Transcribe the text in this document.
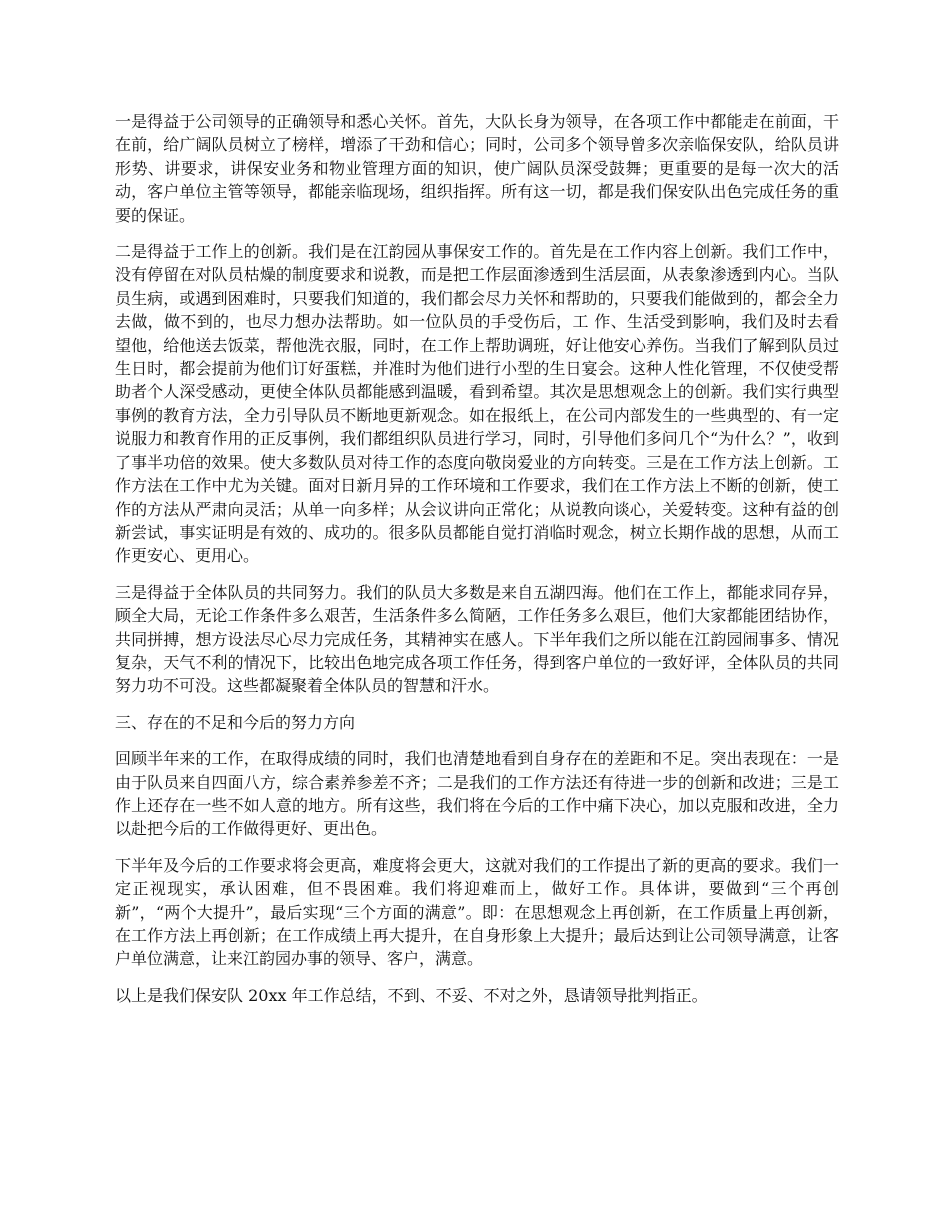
一是得益于公司领导的正确领导和悉心关怀。首先，大队长身为领导，在各项工作中都能走在前面，干在前，给广阔队员树立了榜样，增添了干劲和信心；同时，公司多个领导曾多次亲临保安队，给队员讲形势、讲要求，讲保安业务和物业管理方面的知识，使广阔队员深受鼓舞；更重要的是每一次大的活动，客户单位主管等领导，都能亲临现场，组织指挥。所有这一切，都是我们保安队出色完成任务的重要的保证。

二是得益于工作上的创新。我们是在江韵园从事保安工作的。首先是在工作内容上创新。我们工作中，没有停留在对队员枯燥的制度要求和说教，而是把工作层面渗透到生活层面，从表象渗透到内心。当队员生病，或遇到困难时，只要我们知道的，我们都会尽力关怀和帮助的，只要我们能做到的，都会全力去做，做不到的，也尽力想办法帮助。如一位队员的手受伤后，工 作、生活受到影响，我们及时去看望他，给他送去饭菜，帮他洗衣服，同时，在工作上帮助调班，好让他安心养伤。当我们了解到队员过生日时，都会提前为他们订好蛋糕，并准时为他们进行小型的生日宴会。这种人性化管理，不仅使受帮助者个人深受感动，更使全体队员都能感到温暖，看到希望。其次是思想观念上的创新。我们实行典型事例的教育方法，全力引导队员不断地更新观念。如在报纸上，在公司内部发生的一些典型的、有一定说服力和教育作用的正反事例，我们都组织队员进行学习，同时，引导他们多问几个“为什么？”，收到了事半功倍的效果。使大多数队员对待工作的态度向敬岗爱业的方向转变。三是在工作方法上创新。工作方法在工作中尤为关键。面对日新月异的工作环境和工作要求，我们在工作方法上不断的创新，使工作的方法从严肃向灵活；从单一向多样；从会议讲向正常化；从说教向谈心，关爱转变。这种有益的创新尝试，事实证明是有效的、成功的。很多队员都能自觉打消临时观念，树立长期作战的思想，从而工作更安心、更用心。

三是得益于全体队员的共同努力。我们的队员大多数是来自五湖四海。他们在工作上，都能求同存异，顾全大局，无论工作条件多么艰苦，生活条件多么简陋，工作任务多么艰巨，他们大家都能团结协作，共同拼搏，想方设法尽心尽力完成任务，其精神实在感人。下半年我们之所以能在江韵园闹事多、情况复杂，天气不利的情况下，比较出色地完成各项工作任务，得到客户单位的一致好评，全体队员的共同努力功不可没。这些都凝聚着全体队员的智慧和汗水。

三、存在的不足和今后的努力方向

回顾半年来的工作，在取得成绩的同时，我们也清楚地看到自身存在的差距和不足。突出表现在：一是由于队员来自四面八方，综合素养参差不齐；二是我们的工作方法还有待进一步的创新和改进；三是工作上还存在一些不如人意的地方。所有这些，我们将在今后的工作中痛下决心，加以克服和改进，全力以赴把今后的工作做得更好、更出色。

下半年及今后的工作要求将会更高，难度将会更大，这就对我们的工作提出了新的更高的要求。我们一定正视现实，承认困难，但不畏困难。我们将迎难而上，做好工作。具体讲，要做到“三个再创新”，“两个大提升”，最后实现“三个方面的满意”。即：在思想观念上再创新，在工作质量上再创新，在工作方法上再创新；在工作成绩上再大提升，在自身形象上大提升；最后达到让公司领导满意，让客户单位满意，让来江韵园办事的领导、客户，满意。

以上是我们保安队 20xx 年工作总结，不到、不妥、不对之外，恳请领导批判指正。
